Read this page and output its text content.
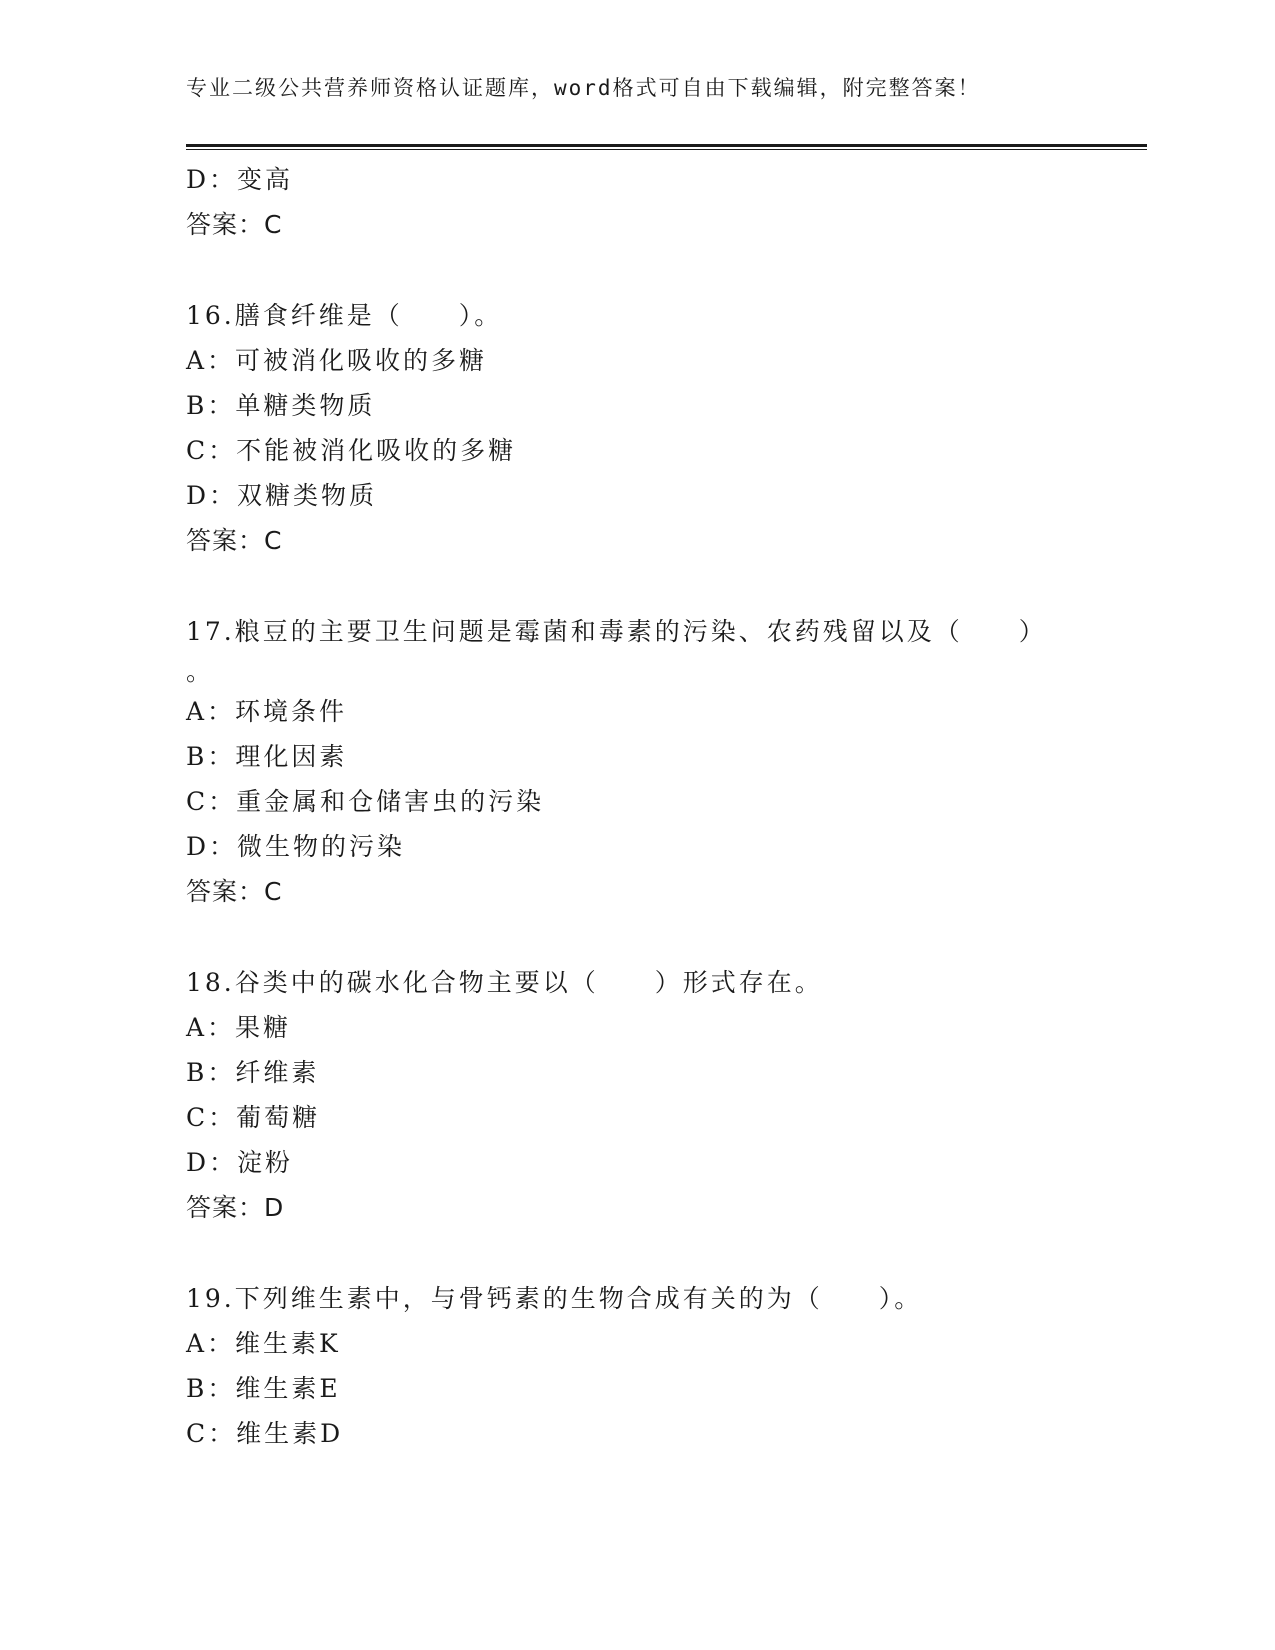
专业二级公共营养师资格认证题库，word格式可自由下载编辑，附完整答案！
D：变高
答案：C
16.膳食纤维是（　　）。
A：可被消化吸收的多糖
B：单糖类物质
C：不能被消化吸收的多糖
D：双糖类物质
答案：C
17.粮豆的主要卫生问题是霉菌和毒素的污染、农药残留以及（　　）
。
A：环境条件
B：理化因素
C：重金属和仓储害虫的污染
D：微生物的污染
答案：C
18.谷类中的碳水化合物主要以（　　）形式存在。
A：果糖
B：纤维素
C：葡萄糖
D：淀粉
答案：D
19.下列维生素中，与骨钙素的生物合成有关的为（　　）。
A：维生素K
B：维生素E
C：维生素D
